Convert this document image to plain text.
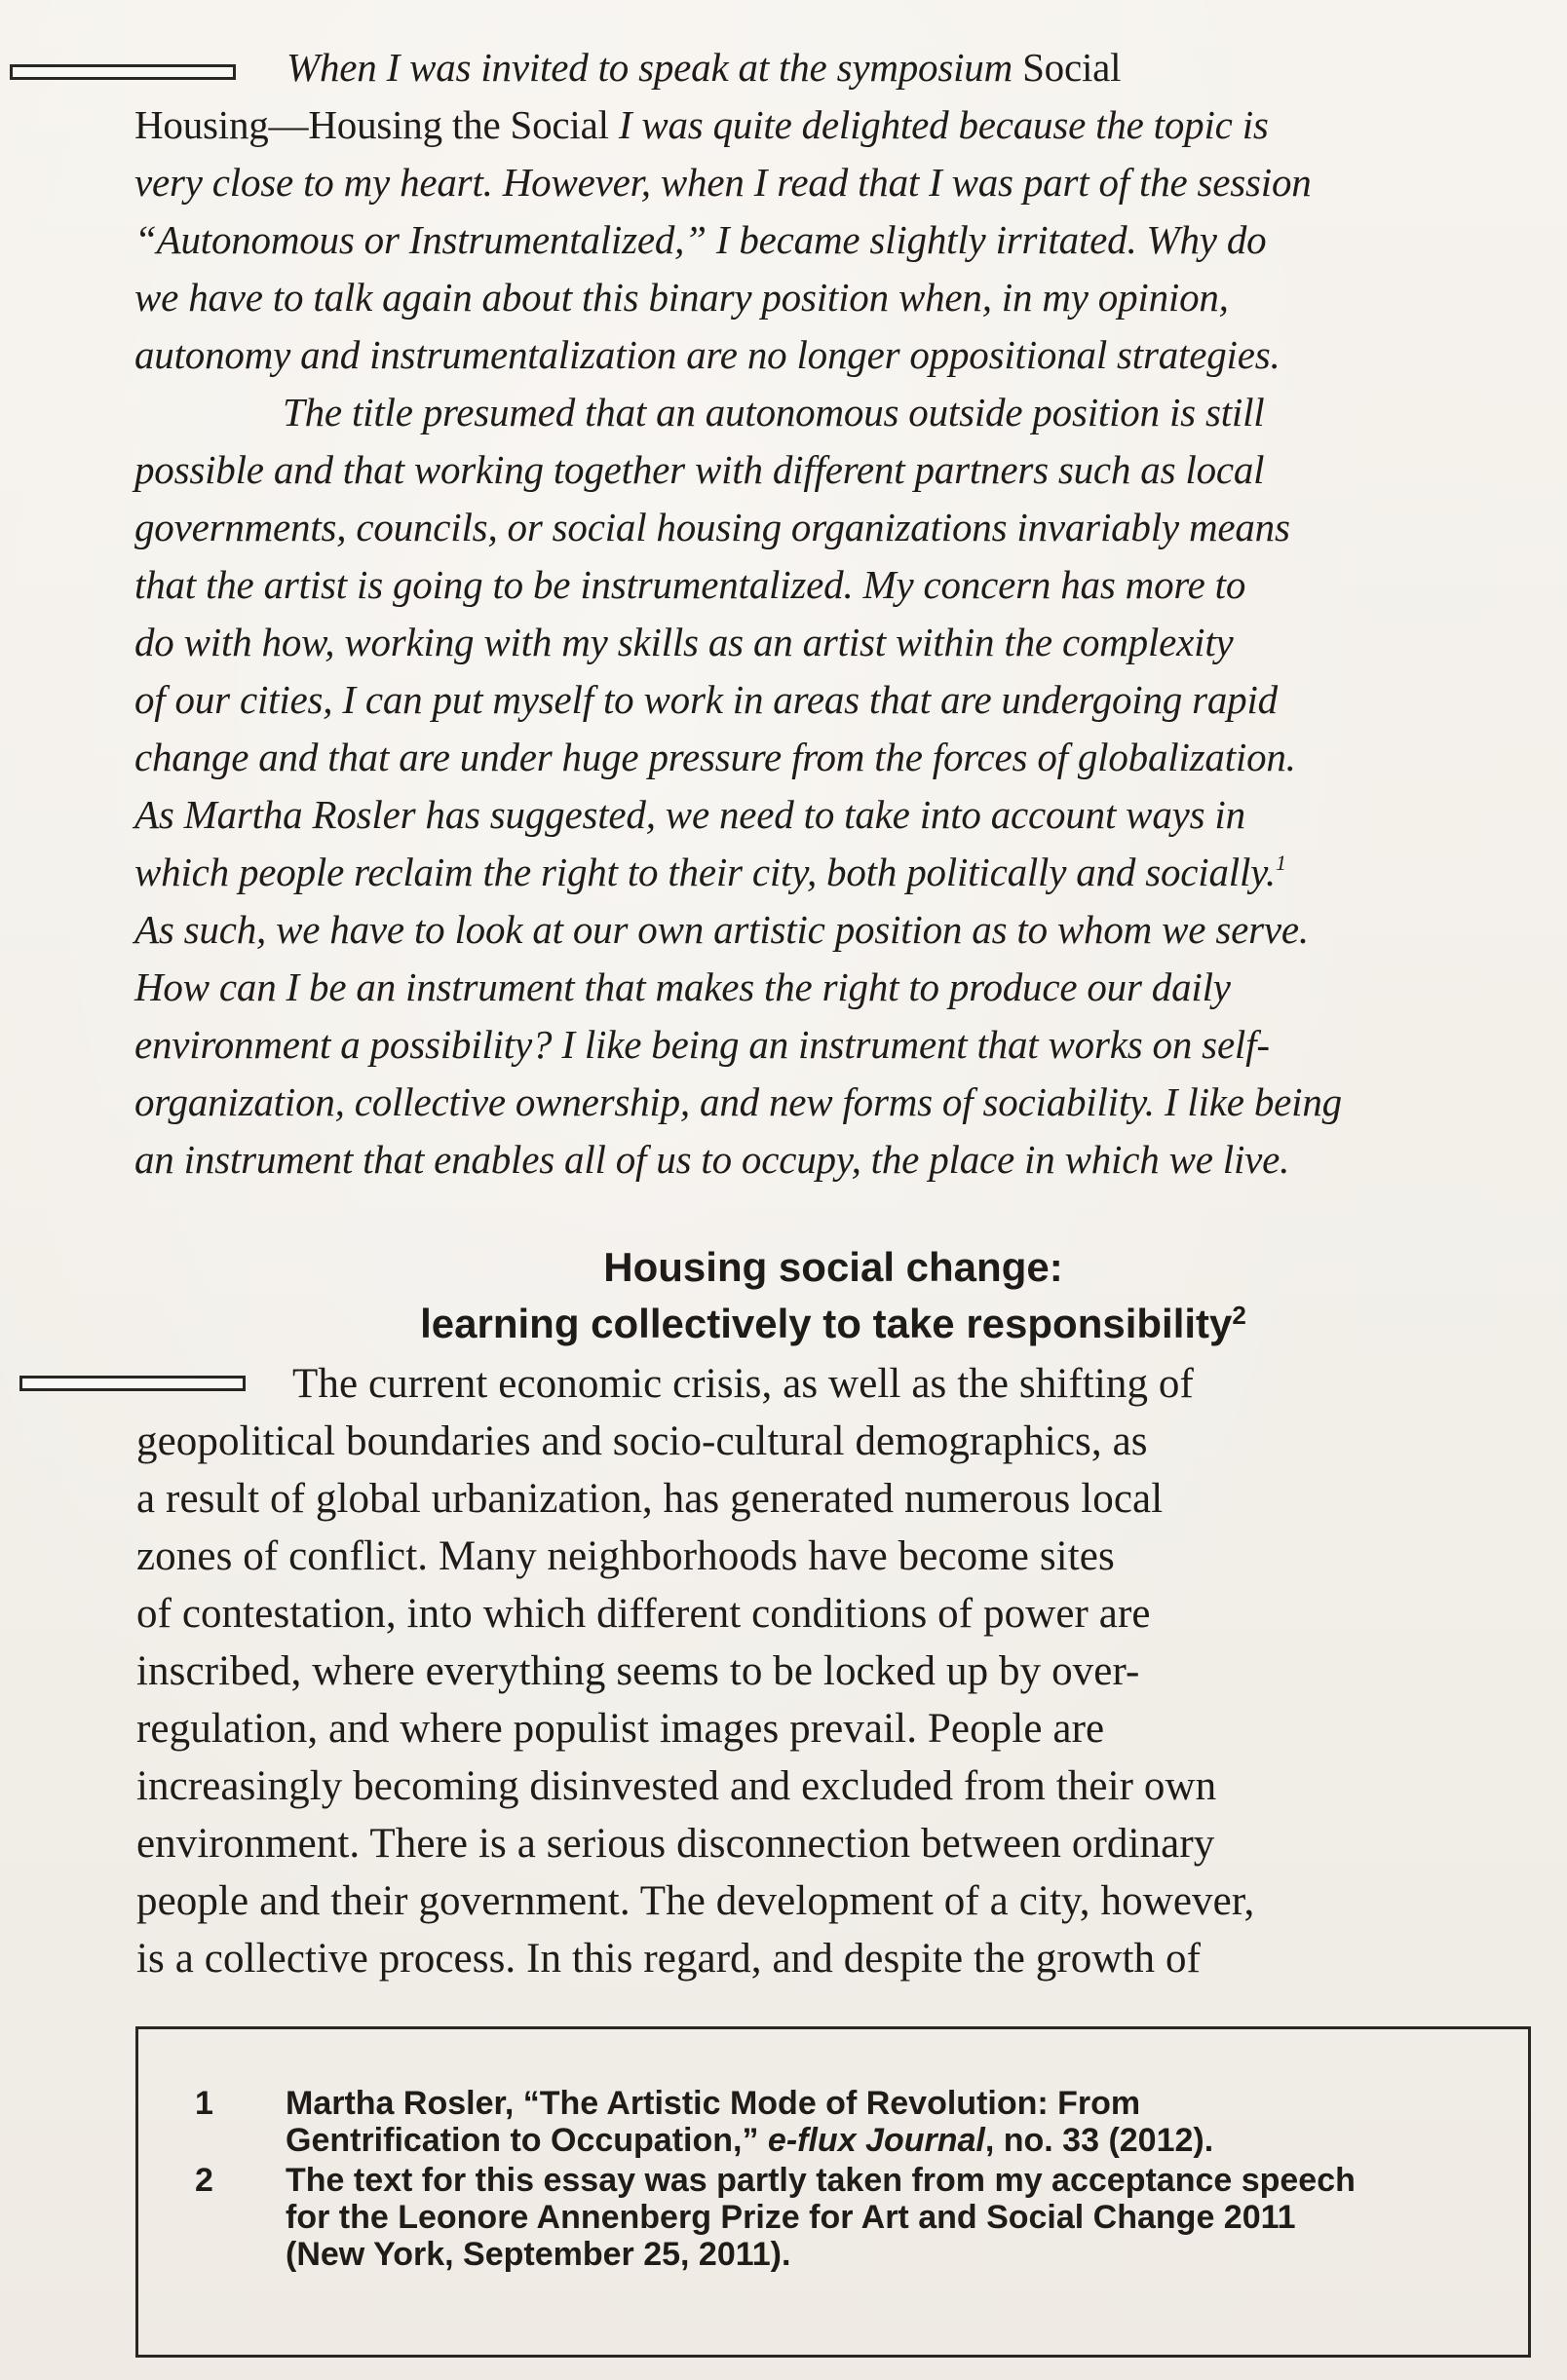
When I was invited to speak at the symposium Social
Housing—Housing the Social I was quite delighted because the topic is
very close to my heart. However, when I read that I was part of the session
“Autonomous or Instrumentalized,” I became slightly irritated. Why do
we have to talk again about this binary position when, in my opinion,
autonomy and instrumentalization are no longer oppositional strategies.
The title presumed that an autonomous outside position is still
possible and that working together with different partners such as local
governments, councils, or social housing organizations invariably means
that the artist is going to be instrumentalized. My concern has more to
do with how, working with my skills as an artist within the complexity
of our cities, I can put myself to work in areas that are undergoing rapid
change and that are under huge pressure from the forces of globalization.
As Martha Rosler has suggested, we need to take into account ways in
which people reclaim the right to their city, both politically and socially.$^1$
As such, we have to look at our own artistic position as to whom we serve.
How can I be an instrument that makes the right to produce our daily
environment a possibility? I like being an instrument that works on self-
organization, collective ownership, and new forms of sociability. I like being
an instrument that enables all of us to occupy, the place in which we live.
Housing social change:
learning collectively to take responsibility$^2$
The current economic crisis, as well as the shifting of
geopolitical boundaries and socio-cultural demographics, as
a result of global urbanization, has generated numerous local
zones of conflict. Many neighborhoods have become sites
of contestation, into which different conditions of power are
inscribed, where everything seems to be locked up by over-
regulation, and where populist images prevail. People are
increasingly becoming disinvested and excluded from their own
environment. There is a serious disconnection between ordinary
people and their government. The development of a city, however,
is a collective process. In this regard, and despite the growth of
1 Martha Rosler, “The Artistic Mode of Revolution: From
Gentrification to Occupation,” e-flux Journal, no. 33 (2012).
2 The text for this essay was partly taken from my acceptance speech
for the Leonore Annenberg Prize for Art and Social Change 2011
(New York, September 25, 2011).
